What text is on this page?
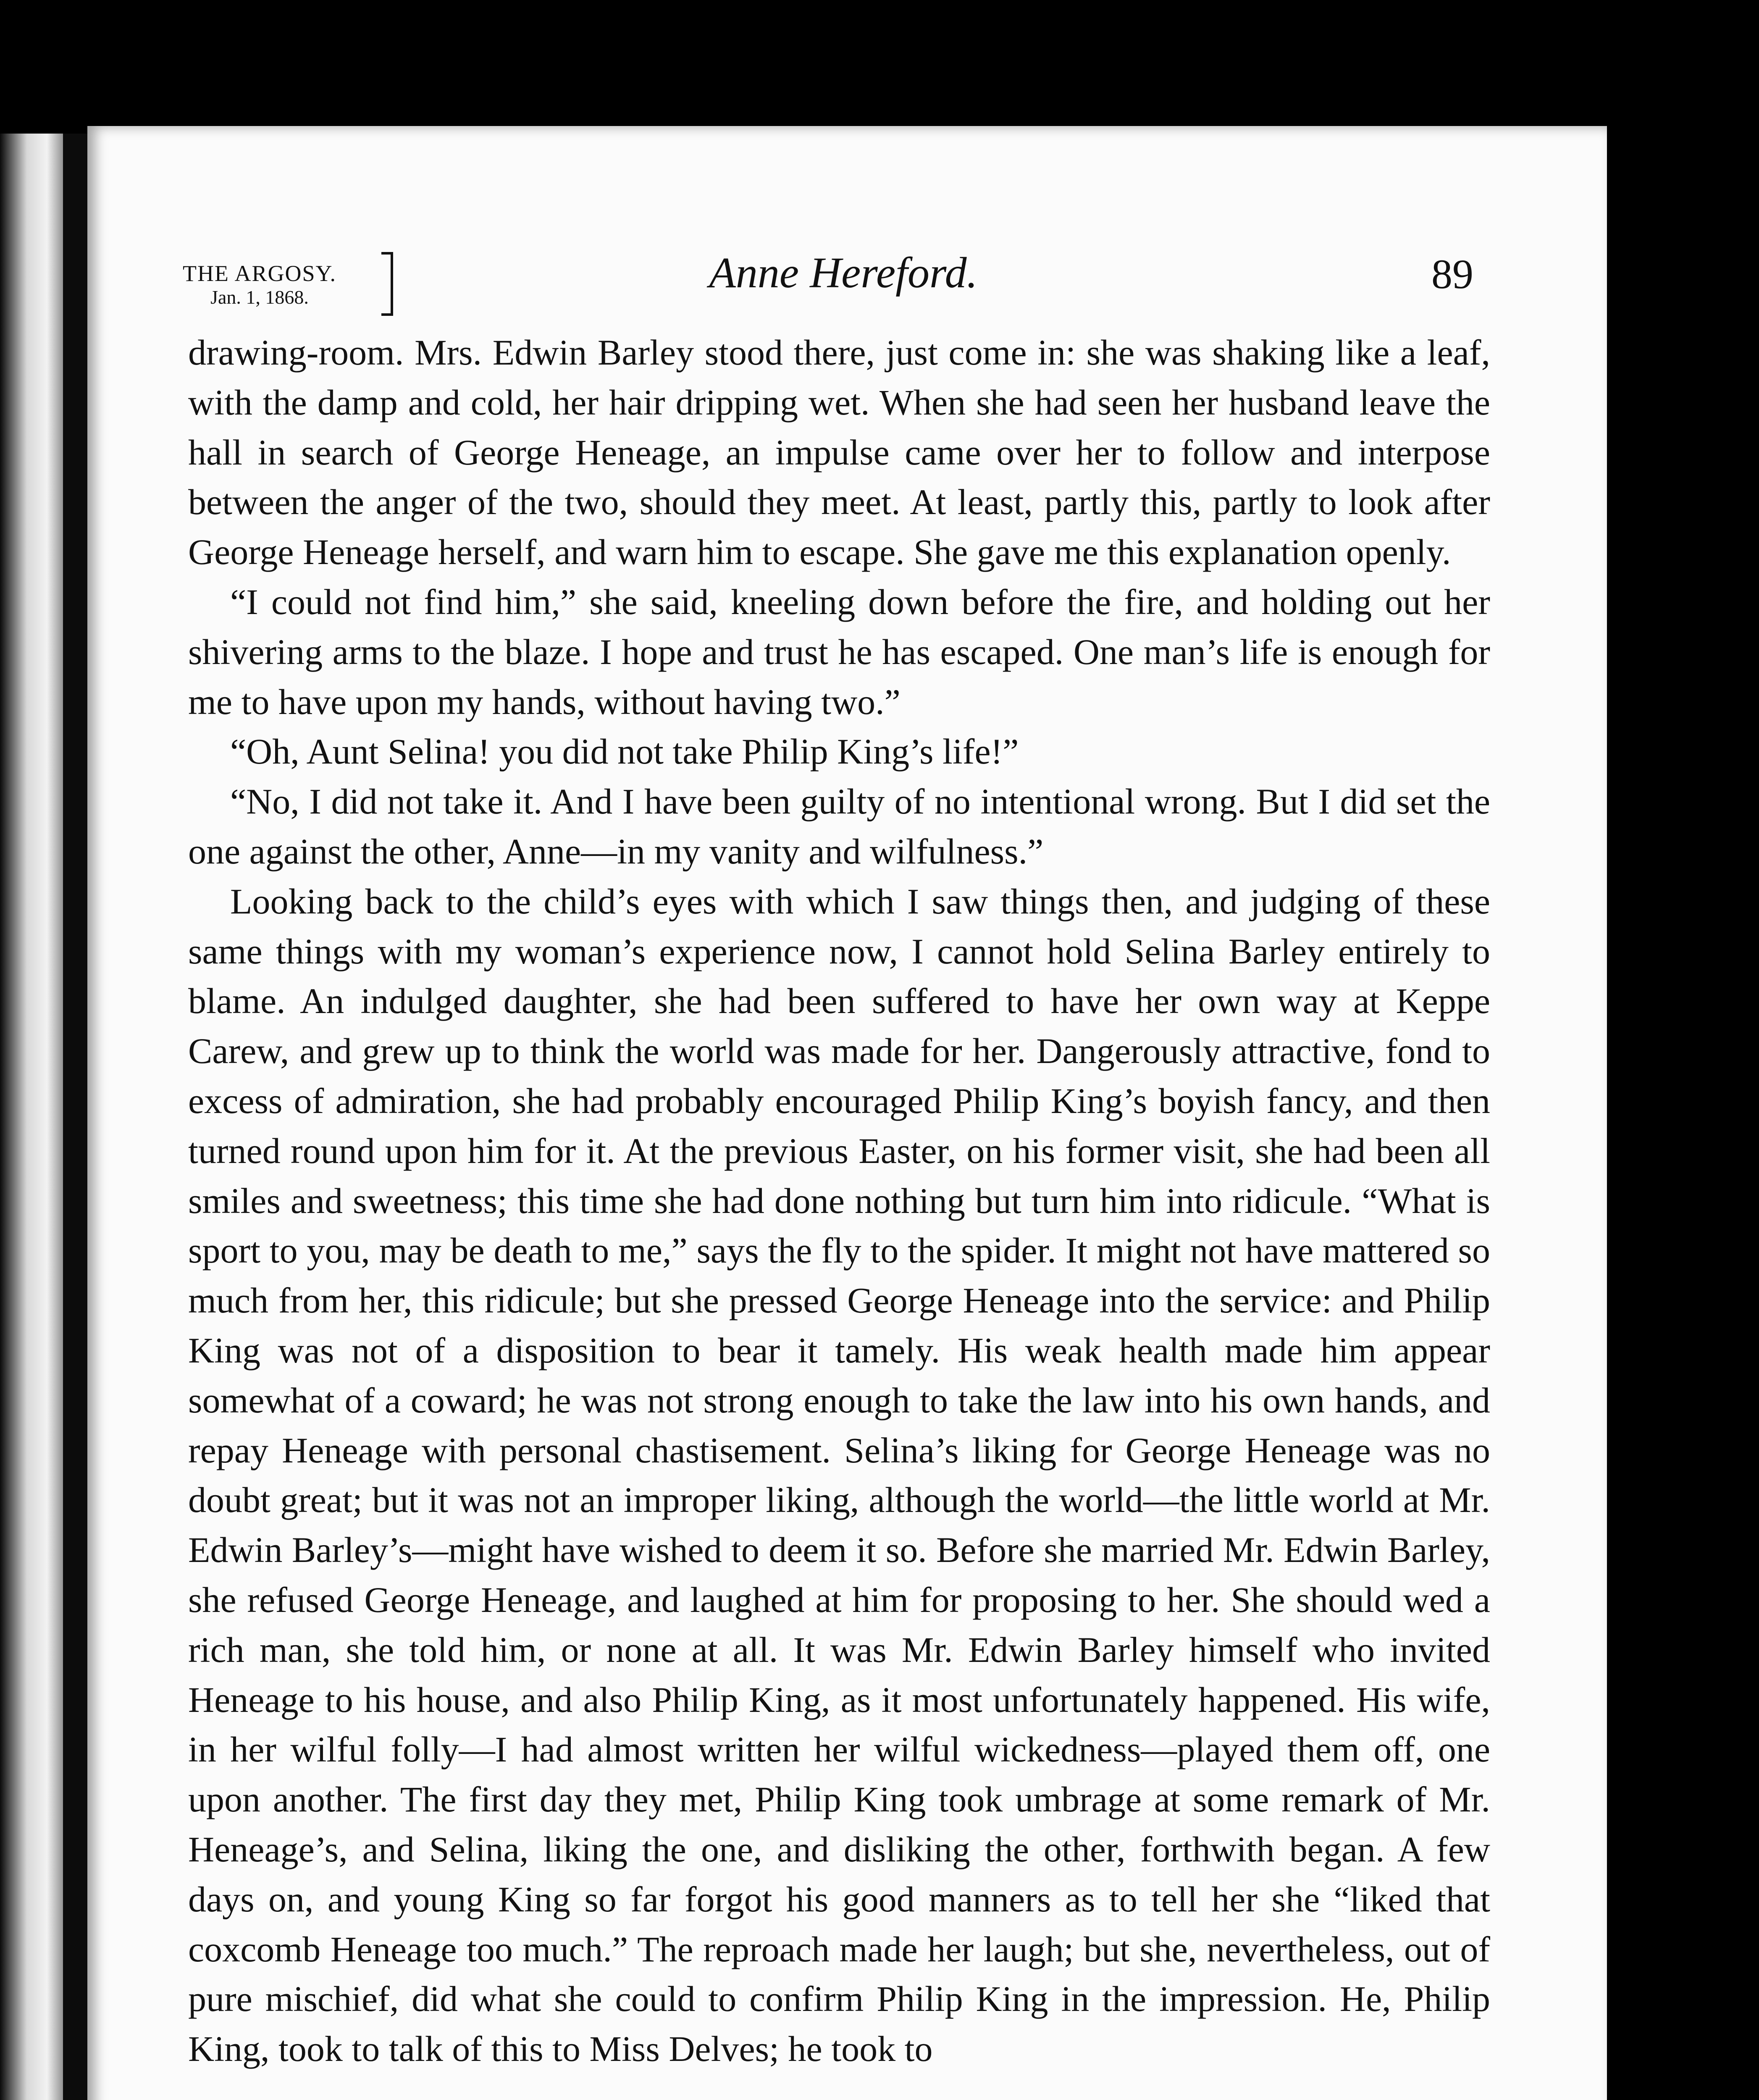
THE ARGOSY.
Jan. 1, 1868.
Anne Hereford.	89

drawing-room. Mrs. Edwin Barley stood there, just come in: she was shaking like a leaf, with the damp and cold, her hair dripping wet. When she had seen her husband leave the hall in search of George Heneage, an impulse came over her to follow and interpose between the anger of the two, should they meet. At least, partly this, partly to look after George Heneage herself, and warn him to escape. She gave me this explanation openly.

“I could not find him,” she said, kneeling down before the fire, and holding out her shivering arms to the blaze. I hope and trust he has escaped. One man’s life is enough for me to have upon my hands, without having two.”

“Oh, Aunt Selina! you did not take Philip King’s life!”

“No, I did not take it. And I have been guilty of no intentional wrong. But I did set the one against the other, Anne—in my vanity and wilfulness.”

Looking back to the child’s eyes with which I saw things then, and judging of these same things with my woman’s experience now, I cannot hold Selina Barley entirely to blame. An indulged daughter, she had been suffered to have her own way at Keppe Carew, and grew up to think the world was made for her. Dangerously attractive, fond to excess of admiration, she had probably encouraged Philip King’s boyish fancy, and then turned round upon him for it. At the previous Easter, on his former visit, she had been all smiles and sweetness; this time she had done nothing but turn him into ridicule. “What is sport to you, may be death to me,” says the fly to the spider. It might not have mattered so much from her, this ridicule; but she pressed George Heneage into the service: and Philip King was not of a disposition to bear it tamely. His weak health made him appear somewhat of a coward; he was not strong enough to take the law into his own hands, and repay Heneage with personal chastisement. Selina’s liking for George Heneage was no doubt great; but it was not an improper liking, although the world—the little world at Mr. Edwin Barley’s—might have wished to deem it so. Before she married Mr. Edwin Barley, she refused George Heneage, and laughed at him for proposing to her. She should wed a rich man, she told him, or none at all. It was Mr. Edwin Barley himself who invited Heneage to his house, and also Philip King, as it most unfortunately happened. His wife, in her wilful folly—I had almost written her wilful wickedness—played them off, one upon another. The first day they met, Philip King took umbrage at some remark of Mr. Heneage’s, and Selina, liking the one, and disliking the other, forthwith began. A few days on, and young King so far forgot his good manners as to tell her she “liked that coxcomb Heneage too much.” The reproach made her laugh; but she, nevertheless, out of pure mischief, did what she could to confirm Philip King in the impression. He, Philip King, took to talk of this to Miss Delves; he took to
